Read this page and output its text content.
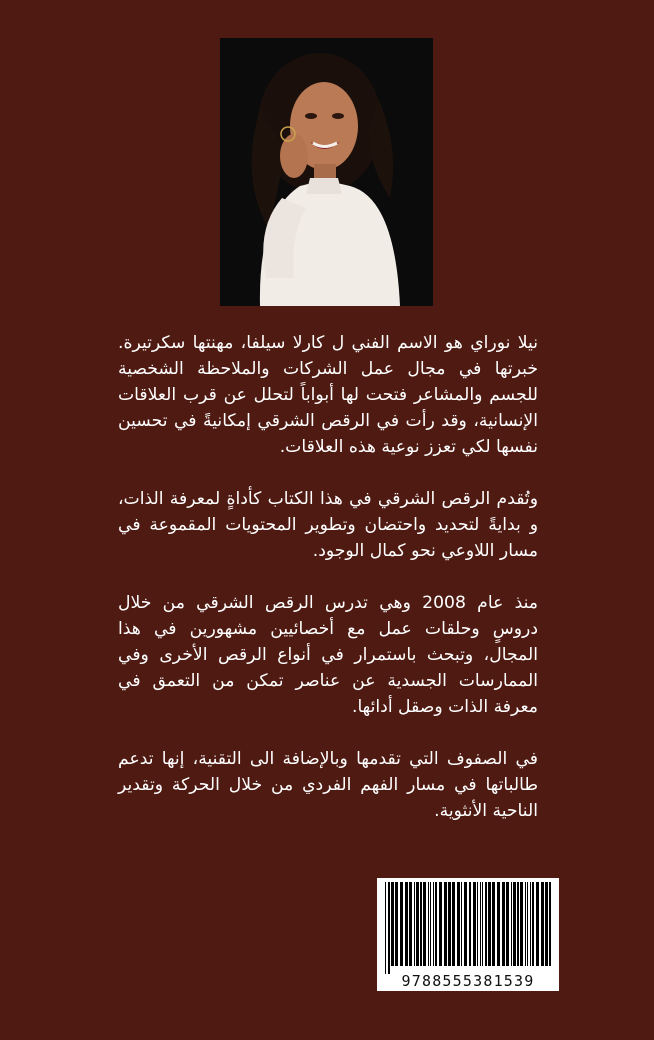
نيلا نوراي هو الاسم الفني ل كارلا سيلفا، مهنتها سكرتيرة. خبرتها في مجال عمل الشركات والملاحظة الشخصية للجسم والمشاعر فتحت لها أبواباً لتحلل عن قرب العلاقات الإنسانية، وقد رأت في الرقص الشرقي إمكانيةً في تحسين نفسها لكي تعزز نوعية هذه العلاقات.

وتُقدم الرقص الشرقي في هذا الكتاب كأداةٍ لمعرفة الذات، و بدايةً لتحديد واحتضان وتطوير المحتويات المقموعة في مسار اللاوعي نحو كمال الوجود.

منذ عام 2008 وهي تدرس الرقص الشرقي من خلال دروسٍ وحلقات عمل مع أخصائيين مشهورين في هذا المجال، وتبحث باستمرار في أنواع الرقص الأخرى وفي الممارسات الجسدية عن عناصر تمكن من التعمق في معرفة الذات وصقل أدائها.

في الصفوف التي تقدمها وبالإضافة الى التقنية، إنها تدعم طالباتها في مسار الفهم الفردي من خلال الحركة وتقدير الناحية الأنثوية.

9788555381539
